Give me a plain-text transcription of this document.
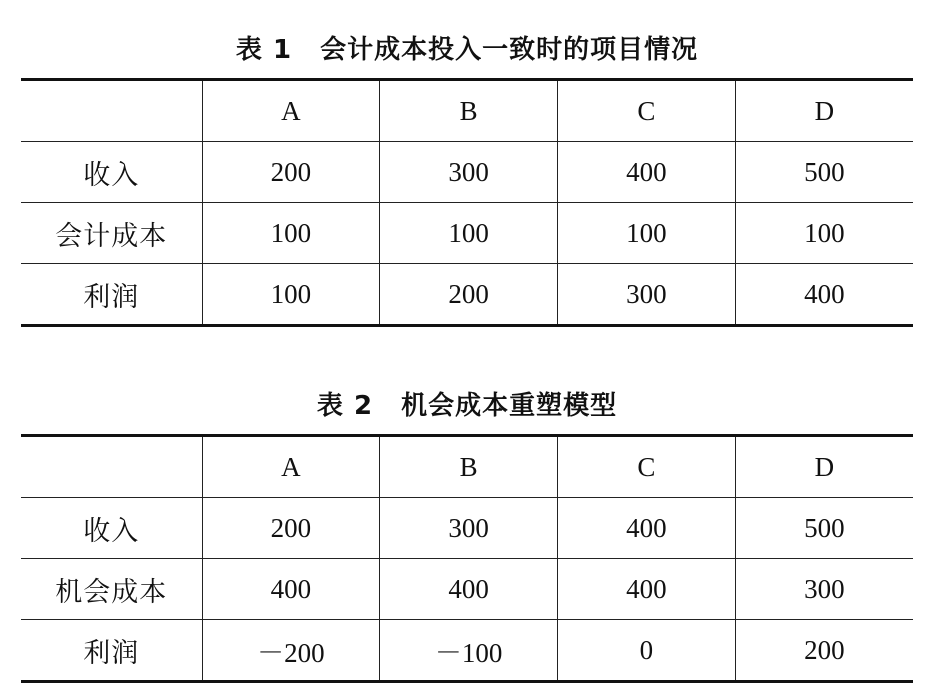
表 1 会计成本投入一致时的项目情况
	A	B	C	D
收入	200	300	400	500
会计成本	100	100	100	100
利润	100	200	300	400
表 2 机会成本重塑模型
	A	B	C	D
收入	200	300	400	500
机会成本	400	400	400	300
利润	－200	－100	0	200
